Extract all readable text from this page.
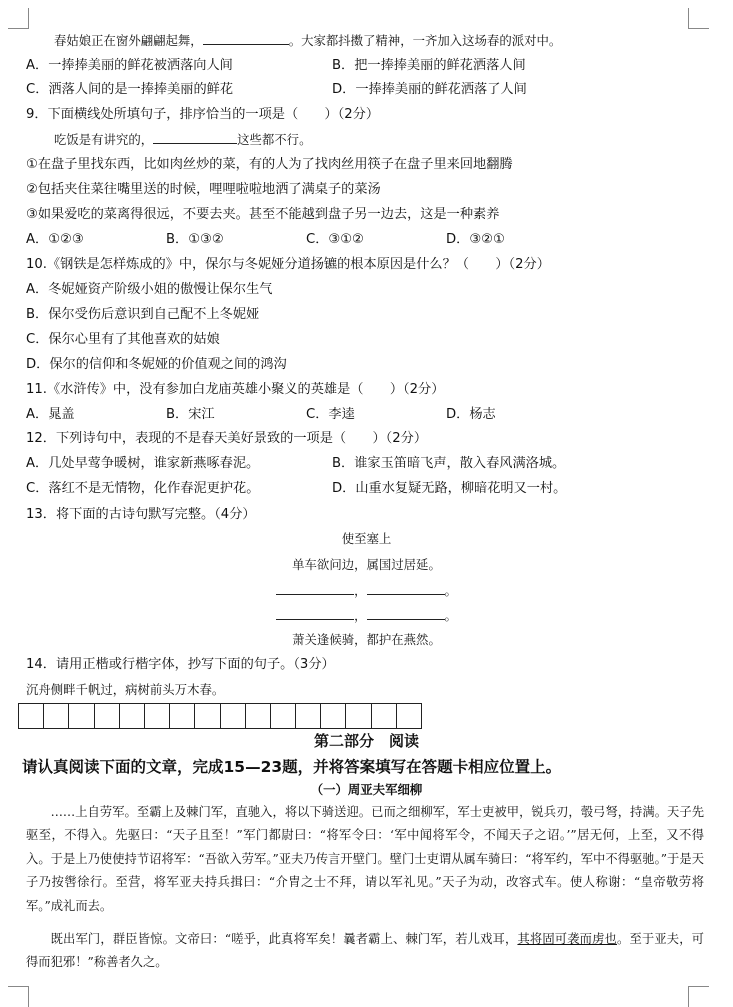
春姑娘正在窗外翩翩起舞，	。大家都抖擞了精神，一齐加入这场春的派对中。
A．一捧捧美丽的鲜花被洒落向人间	B．把一捧捧美丽的鲜花洒落人间
C．洒落人间的是一捧捧美丽的鲜花	D．一捧捧美丽的鲜花洒落了人间
9．下面横线处所填句子，排序恰当的一项是（　　）（2分）
吃饭是有讲究的，	这些都不行。
①在盘子里找东西，比如肉丝炒的菜，有的人为了找肉丝用筷子在盘子里来回地翻腾
②包括夹住菜往嘴里送的时候，哩哩啦啦地洒了满桌子的菜汤
③如果爱吃的菜离得很远，不要去夹。甚至不能越到盘子另一边去，这是一种素养
A．①②③	B．①③②	C．③①②	D．③②①
10.《钢铁是怎样炼成的》中，保尔与冬妮娅分道扬镳的根本原因是什么？（　　）（2分）
A．冬妮娅资产阶级小姐的傲慢让保尔生气
B．保尔受伤后意识到自己配不上冬妮娅
C．保尔心里有了其他喜欢的姑娘
D．保尔的信仰和冬妮娅的价值观之间的鸿沟
11.《水浒传》中，没有参加白龙庙英雄小聚义的英雄是（　　）（2分）
A．晁盖	B．宋江	C．李逵	D．杨志
12．下列诗句中，表现的不是春天美好景致的一项是（　　）（2分）
A．几处早莺争暖树，谁家新燕啄春泥。	B．谁家玉笛暗飞声，散入春风满洛城。
C．落红不是无情物，化作春泥更护花。	D．山重水复疑无路，柳暗花明又一村。
13．将下面的古诗句默写完整。（4分）
使至塞上
单车欲问边，属国过居延。
，	。
，	。
萧关逢候骑，都护在燕然。
14．请用正楷或行楷字体，抄写下面的句子。（3分）
沉舟侧畔千帆过，病树前头万木春。
第二部分　阅读
请认真阅读下面的文章，完成15—23题，并将答案填写在答题卡相应位置上。
（一）周亚夫军细柳
……上自劳军。至霸上及棘门军，直驰入，将以下骑送迎。已而之细柳军，军士吏被甲，锐兵刃，彀弓弩，持满。天子先驱至，不得入。先驱曰：“天子且至！”军门都尉曰：“将军令曰：‘军中闻将军令，不闻天子之诏。’”居无何，上至，又不得入。于是上乃使使持节诏将军：“吾欲入劳军。”亚夫乃传言开壁门。壁门士吏谓从属车骑曰：“将军约，军中不得驱驰。”于是天子乃按辔徐行。至营，将军亚夫持兵揖曰：“介胄之士不拜，请以军礼见。”天子为动，改容式车。使人称谢：“皇帝敬劳将军。”成礼而去。
既出军门，群臣皆惊。文帝曰：“嗟乎，此真将军矣！曩者霸上、棘门军，若儿戏耳，其将固可袭而虏也。至于亚夫，可得而犯邪！”称善者久之。
